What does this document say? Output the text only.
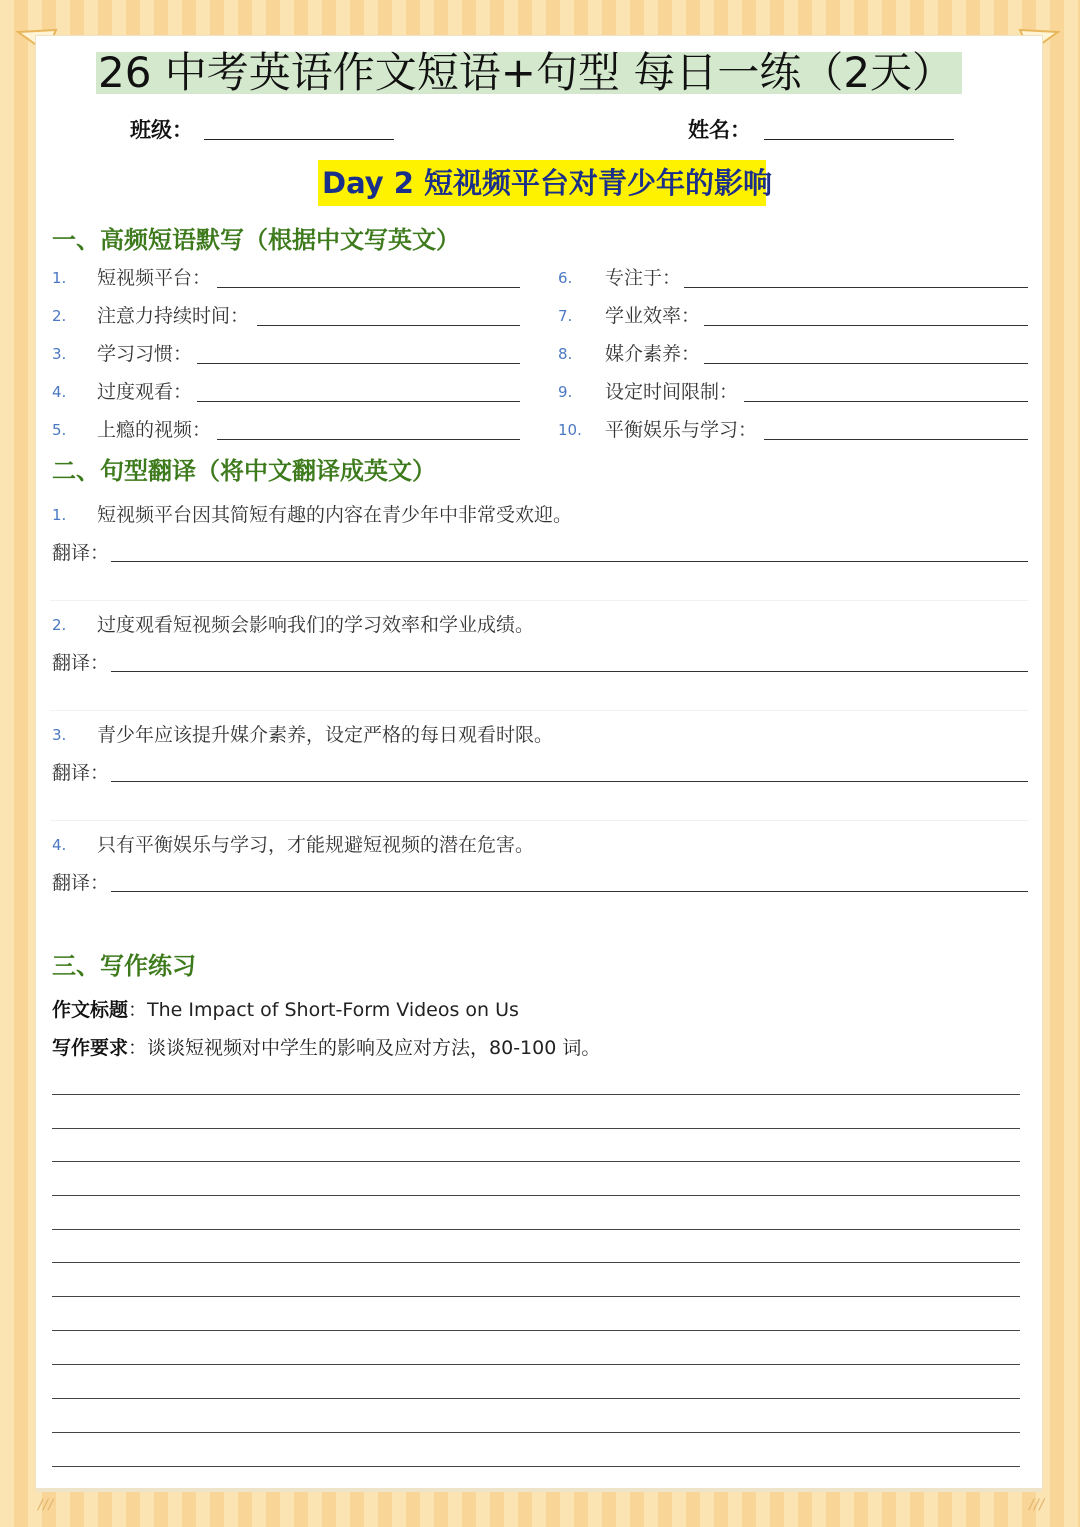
/ / /	/ / /
26 中考英语作文短语+句型 每日一练（2天）
班级：	姓名：
Day 2 短视频平台对青少年的影响
一、高频短语默写（根据中文写英文）
1. 短视频平台：
2. 注意力持续时间：
3. 学习习惯：
4. 过度观看：
5. 上瘾的视频：
6. 专注于：
7. 学业效率：
8. 媒介素养：
9. 设定时间限制：
10. 平衡娱乐与学习：
二、句型翻译（将中文翻译成英文）
1. 短视频平台因其简短有趣的内容在青少年中非常受欢迎。
翻译：
2. 过度观看短视频会影响我们的学习效率和学业成绩。
翻译：
3. 青少年应该提升媒介素养，设定严格的每日观看时限。
翻译：
4. 只有平衡娱乐与学习，才能规避短视频的潜在危害。
翻译：
三、写作练习
作文标题：The Impact of Short-Form Videos on Us
写作要求：谈谈短视频对中学生的影响及应对方法，80-100 词。
